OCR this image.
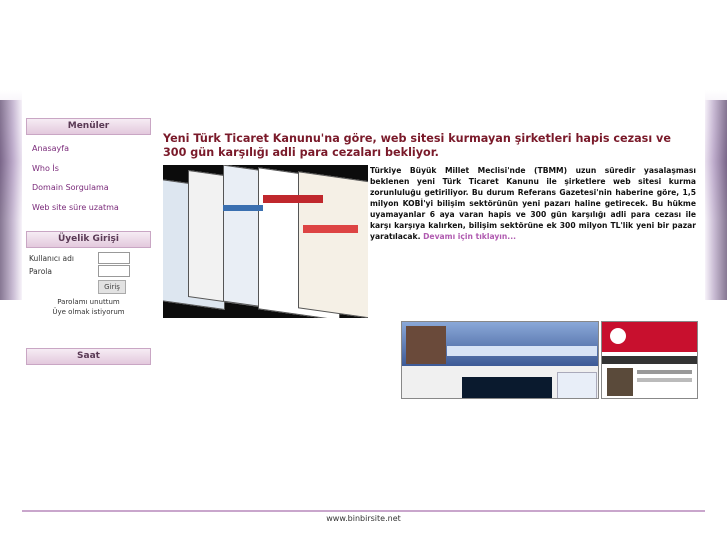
Menüler
Anasayfa
Who İs
Domain Sorgulama
Web site süre uzatma
Üyelik Girişi
Kullanıcı adı
Parola
Giriş
Parolamı unuttum
Üye olmak istiyorum
Saat
Yeni Türk Ticaret Kanunu'na göre, web sitesi kurmayan şirketleri hapis cezası ve 300 gün karşılığı adli para cezaları bekliyor.
Türkiye Büyük Millet Meclisi'nde (TBMM) uzun süredir yasalaşması beklenen yeni Türk Ticaret Kanunu ile şirketlere web sitesi kurma zorunluluğu getiriliyor. Bu durum Referans Gazetesi'nin haberine göre, 1,5 milyon KOBİ'yi bilişim sektörünün yeni pazarı haline getirecek. Bu hükme uyamayanlar 6 aya varan hapis ve 300 gün karşılığı adli para cezası ile karşı karşıya kalırken, bilişim sektörüne ek 300 milyon TL'lik yeni bir pazar yaratılacak. Devamı için tıklayın...
www.binbirsite.net
